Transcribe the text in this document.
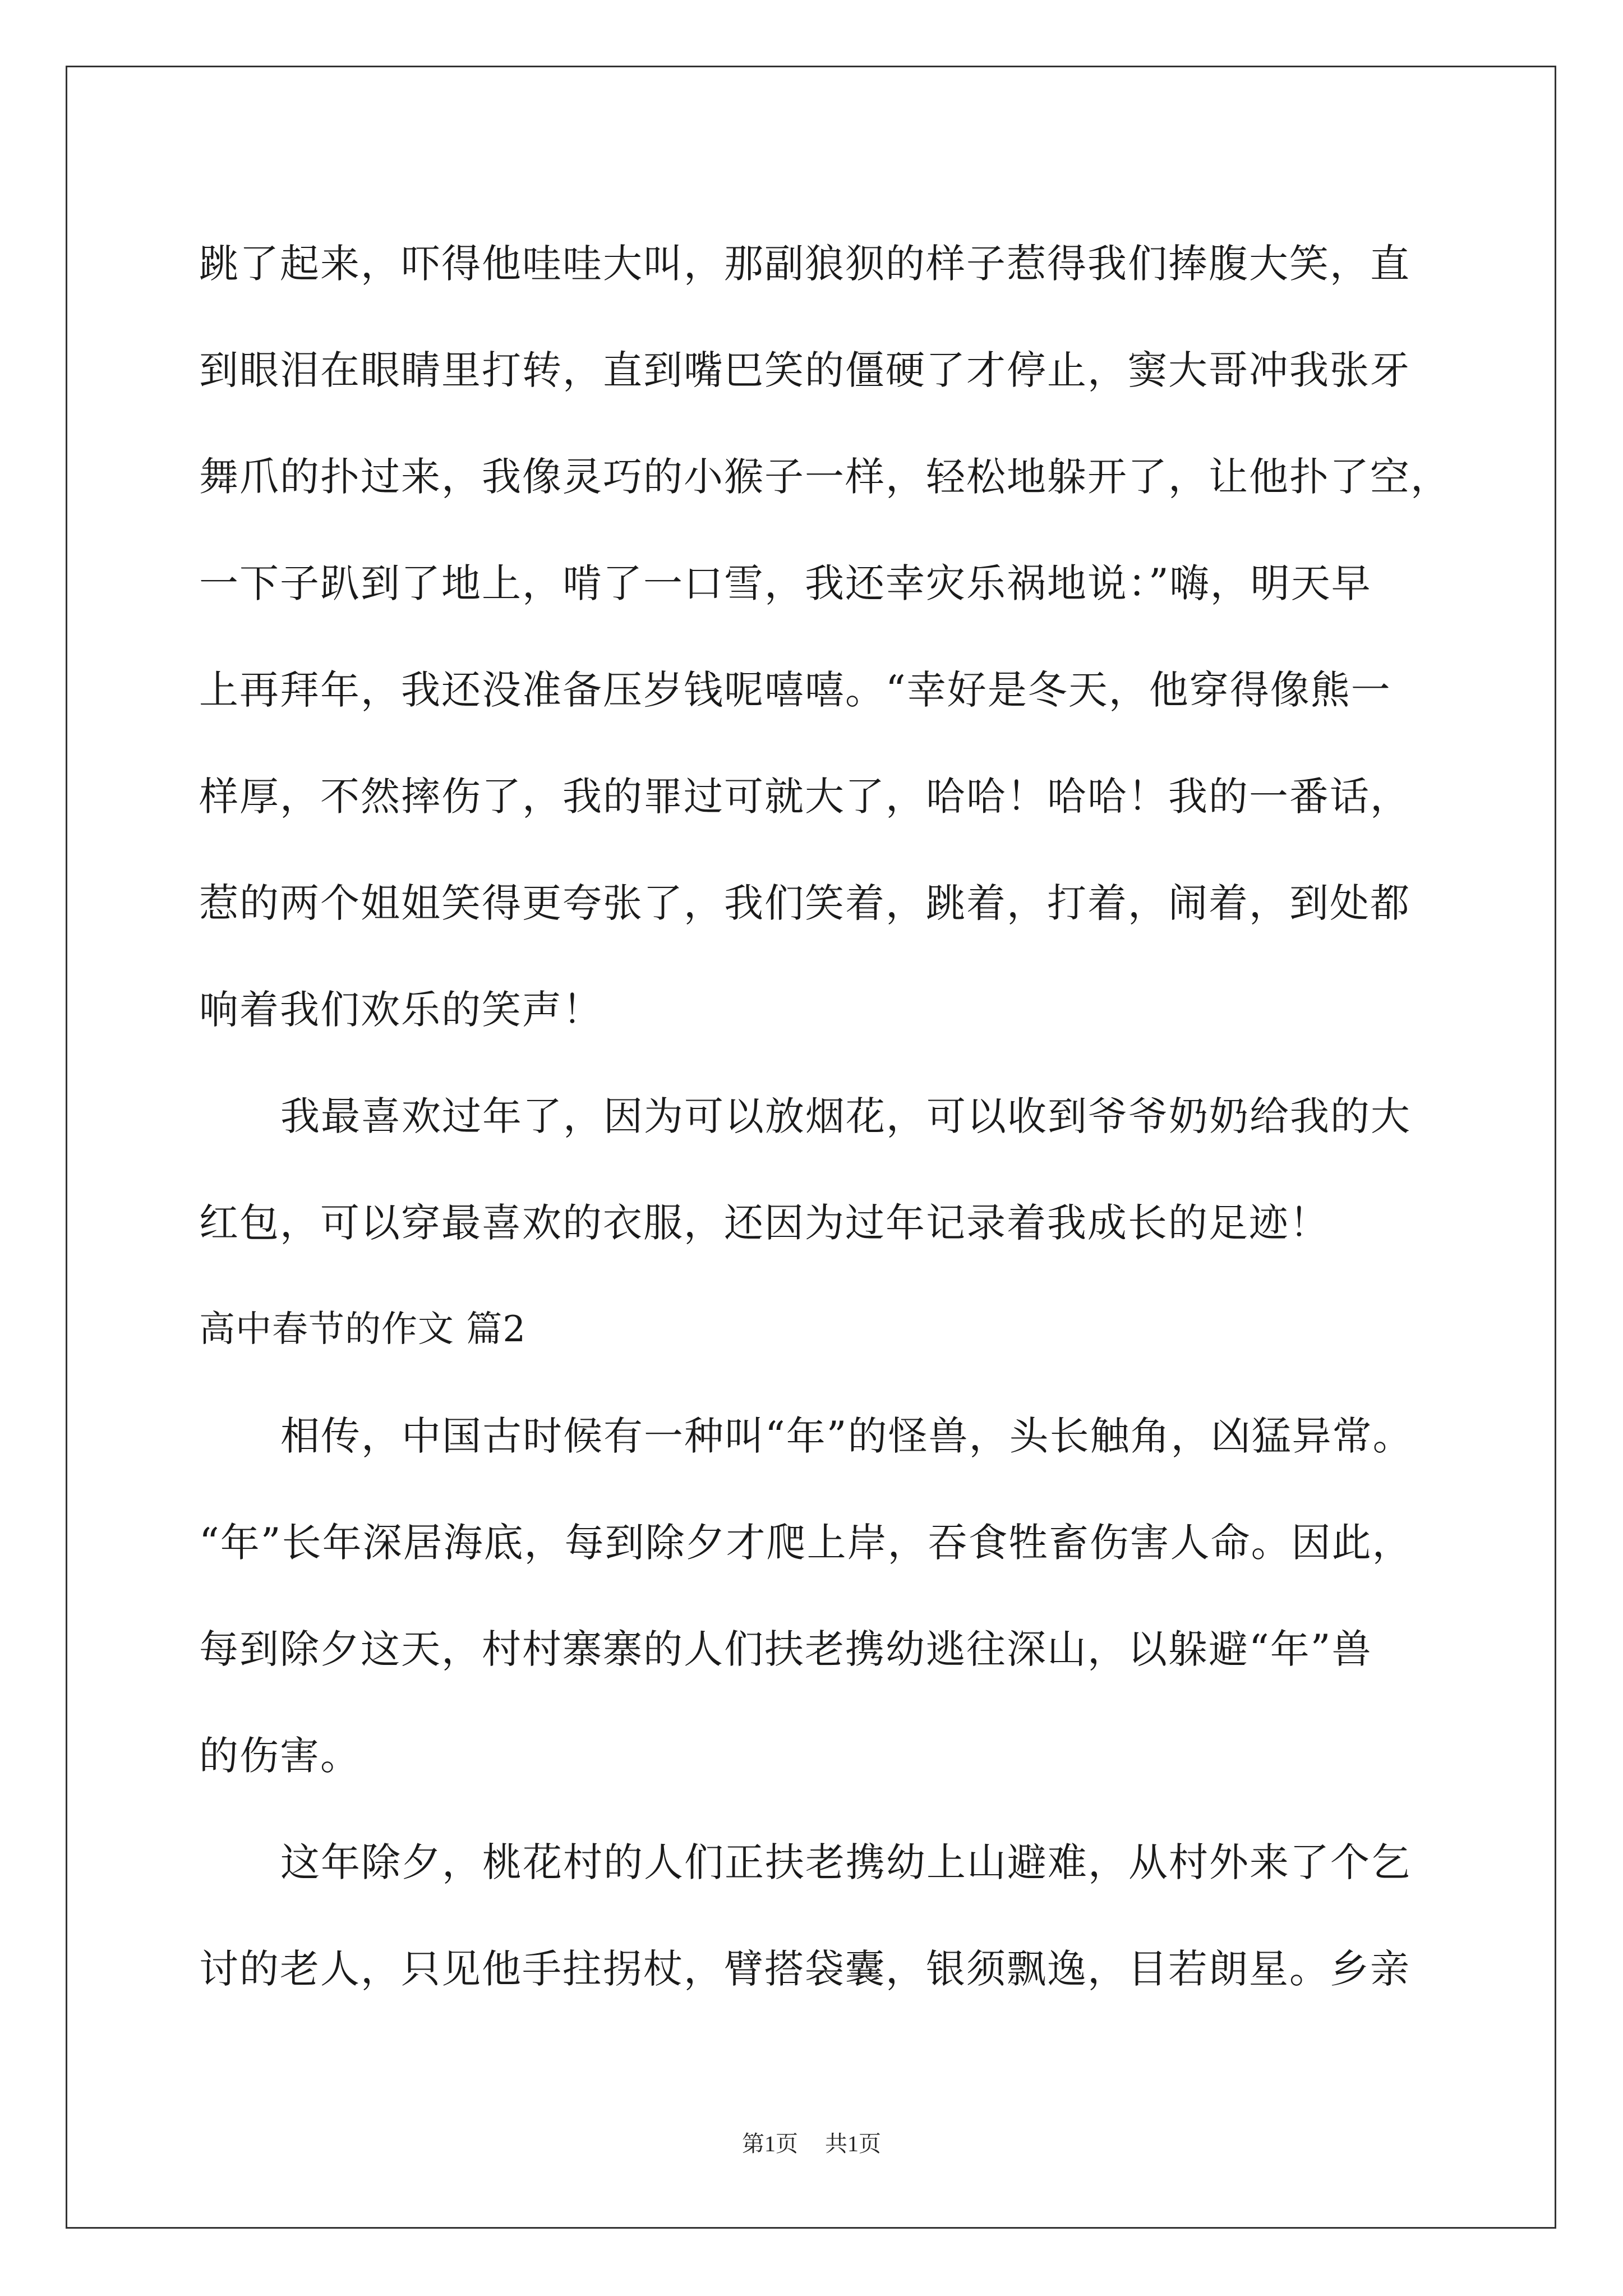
跳了起来，吓得他哇哇大叫，那副狼狈的样子惹得我们捧腹大笑，直
到眼泪在眼睛里打转，直到嘴巴笑的僵硬了才停止，窦大哥冲我张牙
舞爪的扑过来，我像灵巧的小猴子一样，轻松地躲开了，让他扑了空，
一下子趴到了地上，啃了一口雪，我还幸灾乐祸地说：”嗨，明天早
上再拜年，我还没准备压岁钱呢嘻嘻。“幸好是冬天，他穿得像熊一
样厚，不然摔伤了，我的罪过可就大了，哈哈！哈哈！我的一番话，
惹的两个姐姐笑得更夸张了，我们笑着，跳着，打着，闹着，到处都
响着我们欢乐的笑声！
我最喜欢过年了，因为可以放烟花，可以收到爷爷奶奶给我的大
红包，可以穿最喜欢的衣服，还因为过年记录着我成长的足迹！
高中春节的作文 篇2
相传，中国古时候有一种叫“年”的怪兽，头长触角，凶猛异常。
“年”长年深居海底，每到除夕才爬上岸，吞食牲畜伤害人命。因此，
每到除夕这天，村村寨寨的人们扶老携幼逃往深山，以躲避“年”兽
的伤害。
这年除夕，桃花村的人们正扶老携幼上山避难，从村外来了个乞
讨的老人，只见他手拄拐杖，臂搭袋囊，银须飘逸，目若朗星。乡亲
第1页 共1页
